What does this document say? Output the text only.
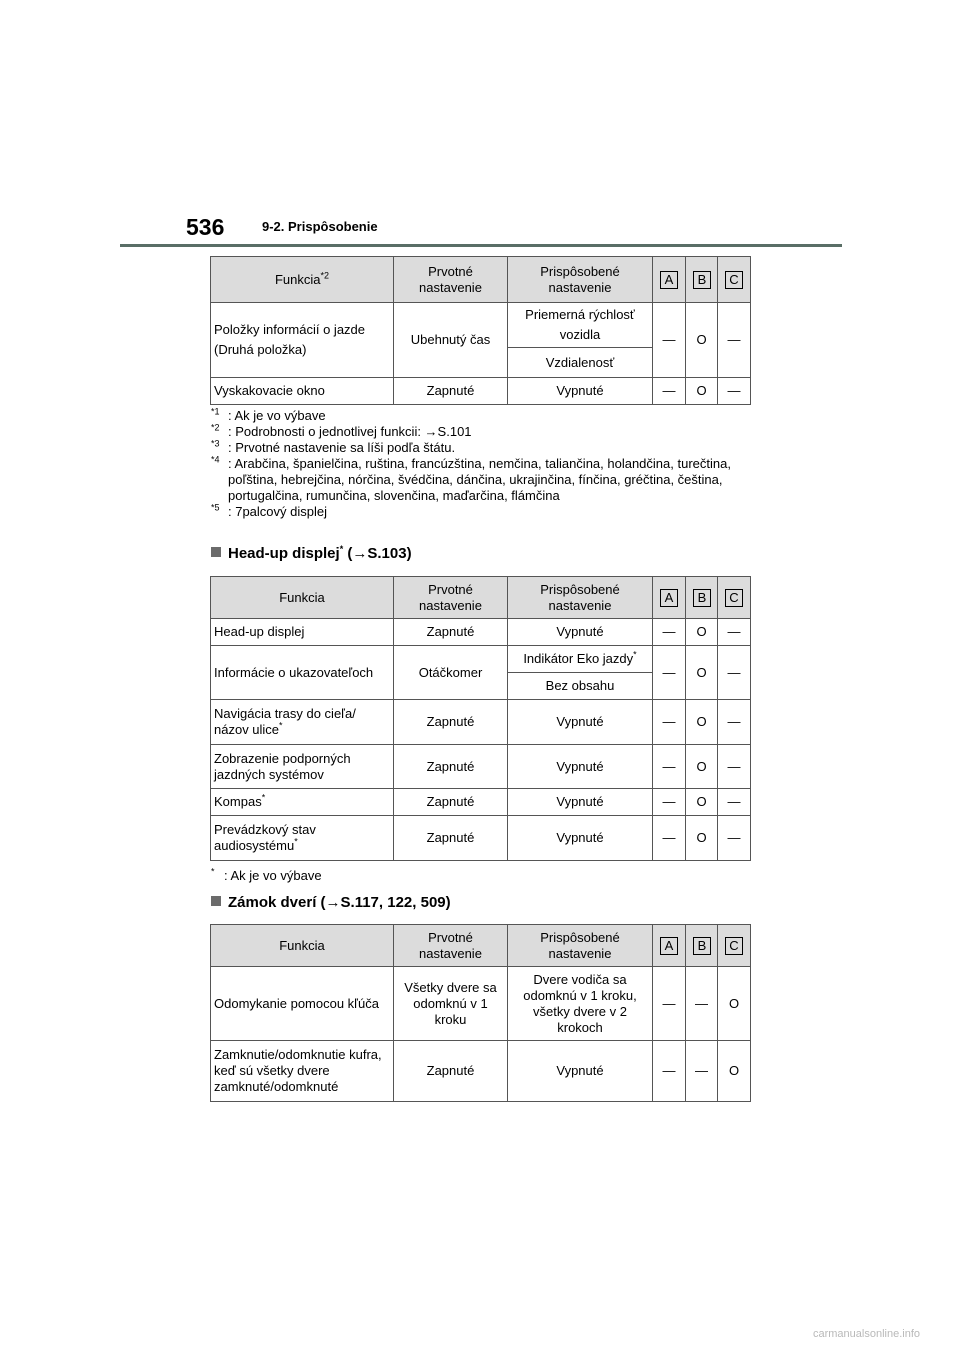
536	9-2. Prispôsobenie
Funkcia$^{*2}$	Prvotné nastavenie	Prispôsobené nastavenie	A	B	C
Položky informácií o jazde (Druhá položka)	Ubehnutý čas	Priemerná rýchlosť vozidla	—	O	—
		Vzdialenosť			
Vyskakovacie okno	Zapnuté	Vypnuté	—	O	—
$^{*1}$ : Ak je vo výbave
$^{*2}$ : Podrobnosti o jednotlivej funkcii: →S.101
$^{*3}$ : Prvotné nastavenie sa líši podľa štátu.
$^{*4}$ : Arabčina, španielčina, ruština, francúzština, nemčina, taliančina, holandčina, turečtina, poľština, hebrejčina, nórčina, švédčina, dánčina, ukrajinčina, fínčina, gréčtina, čeština, portugalčina, rumunčina, slovenčina, maďarčina, flámčina
$^{*5}$ : 7palcový displej
Head-up displej* (→S.103)
Funkcia	Prvotné nastavenie	Prispôsobené nastavenie	A	B	C
Head-up displej	Zapnuté	Vypnuté	—	O	—
Informácie o ukazovateľoch	Otáčkomer	Indikátor Eko jazdy*	—	O	—
		Bez obsahu			
Navigácia trasy do cieľa/ názov ulice*	Zapnuté	Vypnuté	—	O	—
Zobrazenie podporných jazdných systémov	Zapnuté	Vypnuté	—	O	—
Kompas*	Zapnuté	Vypnuté	—	O	—
Prevádzkový stav audiosystému*	Zapnuté	Vypnuté	—	O	—
* : Ak je vo výbave
Zámok dverí (→S.117, 122, 509)
Funkcia	Prvotné nastavenie	Prispôsobené nastavenie	A	B	C
Odomykanie pomocou kľúča	Všetky dvere sa odomknú v 1 kroku	Dvere vodiča sa odomknú v 1 kroku, všetky dvere v 2 krokoch	—	—	O
Zamknutie/odomknutie kufra, keď sú všetky dvere zamknuté/odomknuté	Zapnuté	Vypnuté	—	—	O
carmanualsonline.info
